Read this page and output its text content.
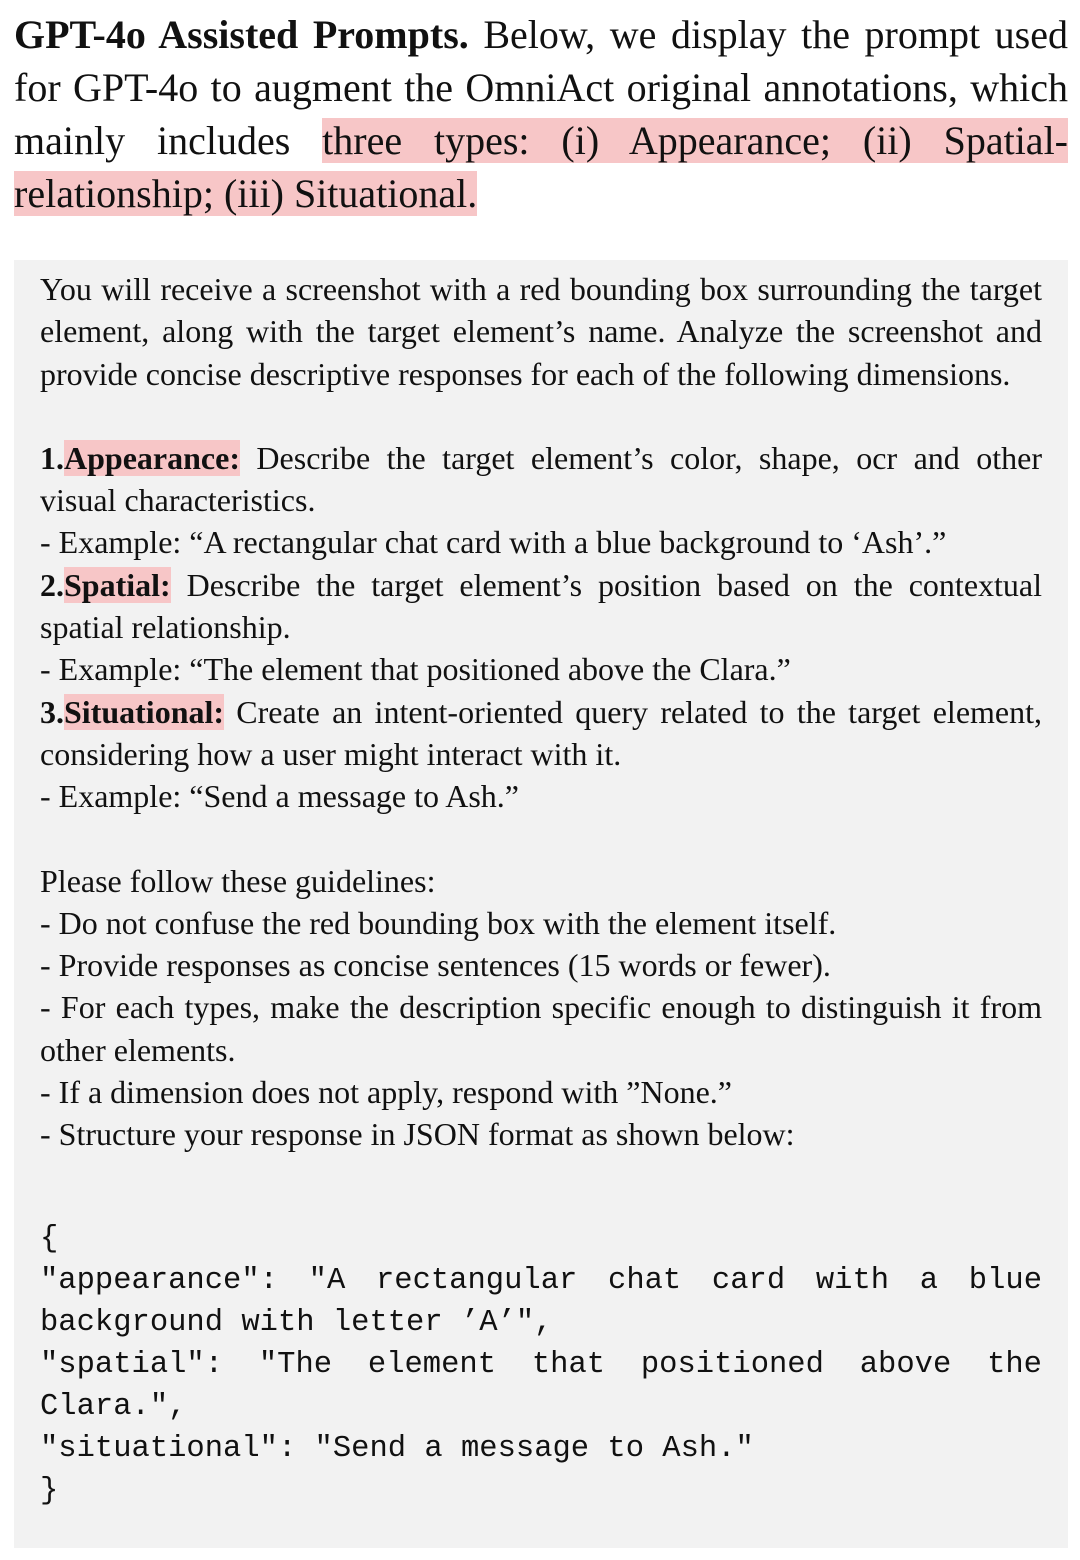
GPT-4o Assisted Prompts. Below, we display the prompt used for GPT-4o to augment the OmniAct original annotations, which mainly includes three types: (i) Appearance; (ii) Spatial-relationship; (iii) Situational.

You will receive a screenshot with a red bounding box surrounding the target element, along with the target element’s name. Analyze the screenshot and provide concise descriptive responses for each of the following dimensions.

1.Appearance: Describe the target element’s color, shape, ocr and other visual characteristics.

- Example: “A rectangular chat card with a blue background to ‘Ash’.”

2.Spatial: Describe the target element’s position based on the contextual spatial relationship.

- Example: “The element that positioned above the Clara.”

3.Situational: Create an intent-oriented query related to the target element, considering how a user might interact with it.

- Example: “Send a message to Ash.”

Please follow these guidelines:

- Do not confuse the red bounding box with the element itself.

- Provide responses as concise sentences (15 words or fewer).

- For each types, make the description specific enough to distinguish it from other elements.

- If a dimension does not apply, respond with ”None.”

- Structure your response in JSON format as shown below:

{
"appearance": "A rectangular chat card with a blue background with letter ’A’",
"spatial": "The element that positioned above the Clara.",
"situational": "Send a message to Ash."
}
